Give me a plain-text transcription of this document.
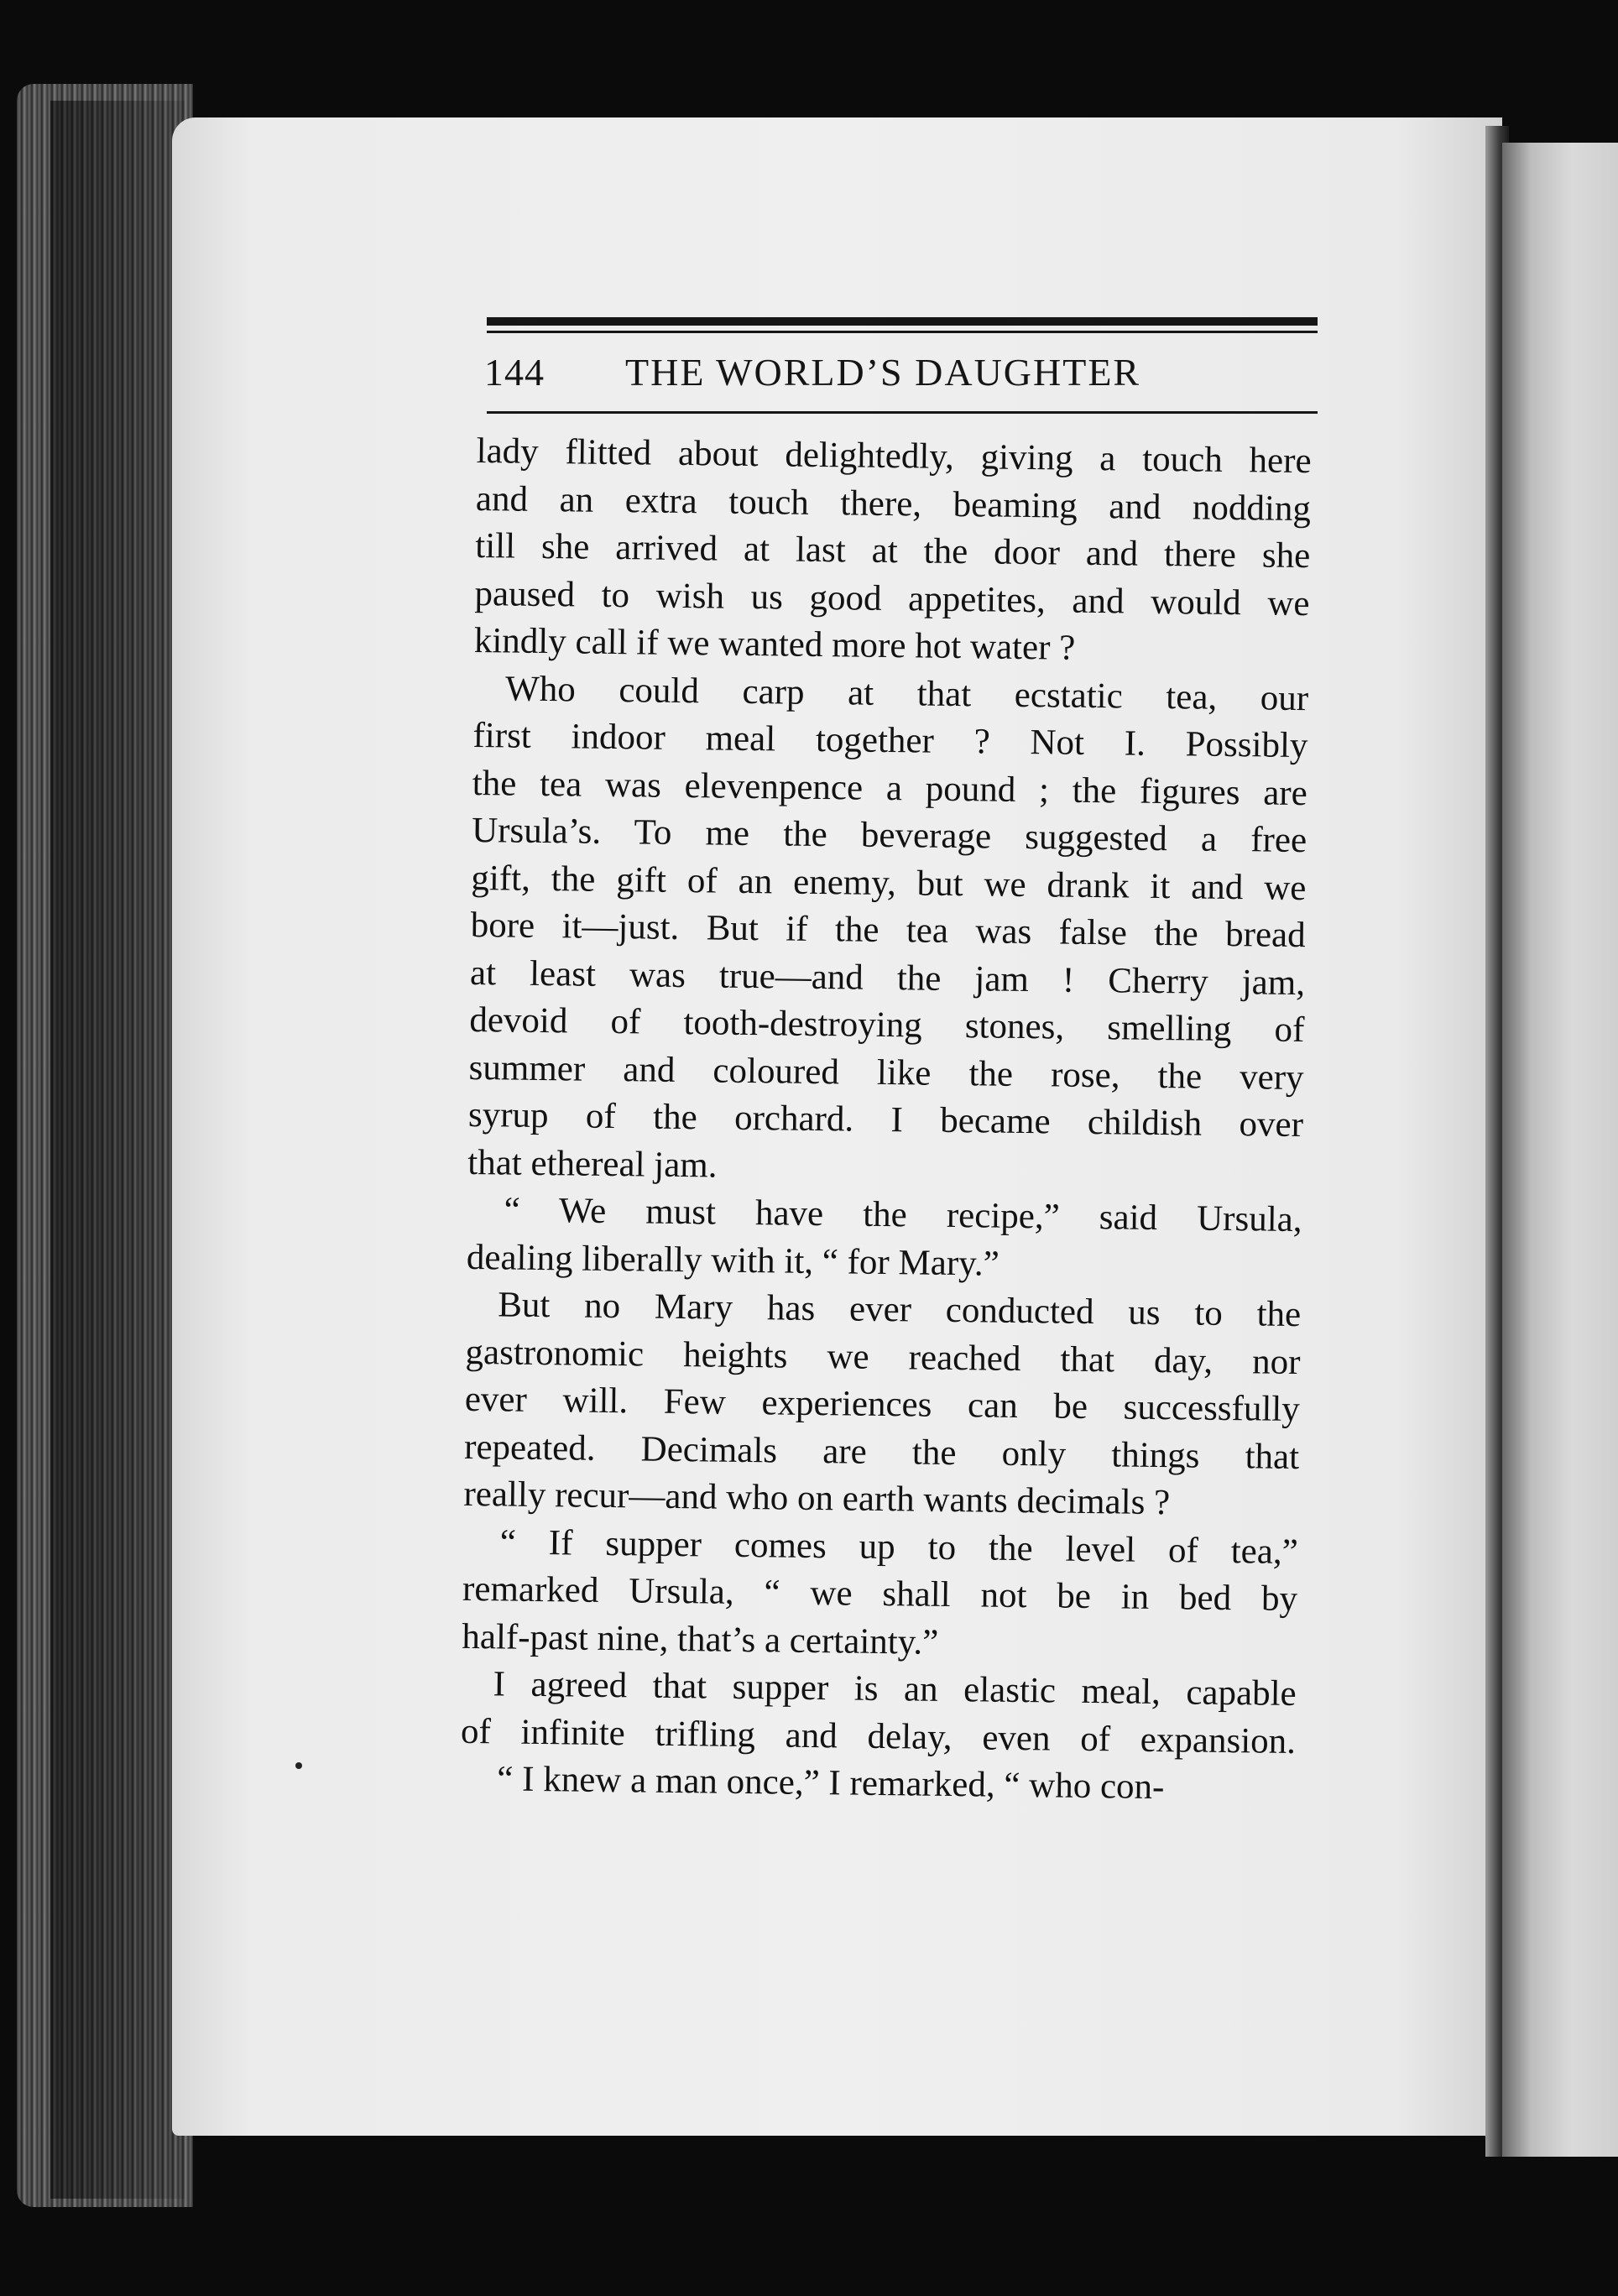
144 THE WORLD’S DAUGHTER
lady flitted about delightedly, giving a touch here
and an extra touch there, beaming and nodding
till she arrived at last at the door and there she
paused to wish us good appetites, and would we
kindly call if we wanted more hot water ?
Who could carp at that ecstatic tea, our
first indoor meal together ? Not I. Possibly
the tea was elevenpence a pound ; the figures are
Ursula’s. To me the beverage suggested a free
gift, the gift of an enemy, but we drank it and we
bore it—just. But if the tea was false the bread
at least was true—and the jam ! Cherry jam,
devoid of tooth-destroying stones, smelling of
summer and coloured like the rose, the very
syrup of the orchard. I became childish over
that ethereal jam.
“ We must have the recipe,” said Ursula,
dealing liberally with it, “ for Mary.”
But no Mary has ever conducted us to the
gastronomic heights we reached that day, nor
ever will. Few experiences can be successfully
repeated. Decimals are the only things that
really recur—and who on earth wants decimals ?
“ If supper comes up to the level of tea,”
remarked Ursula, “ we shall not be in bed by
half-past nine, that’s a certainty.”
I agreed that supper is an elastic meal, capable
of infinite trifling and delay, even of expansion.
“ I knew a man once,” I remarked, “ who con-
